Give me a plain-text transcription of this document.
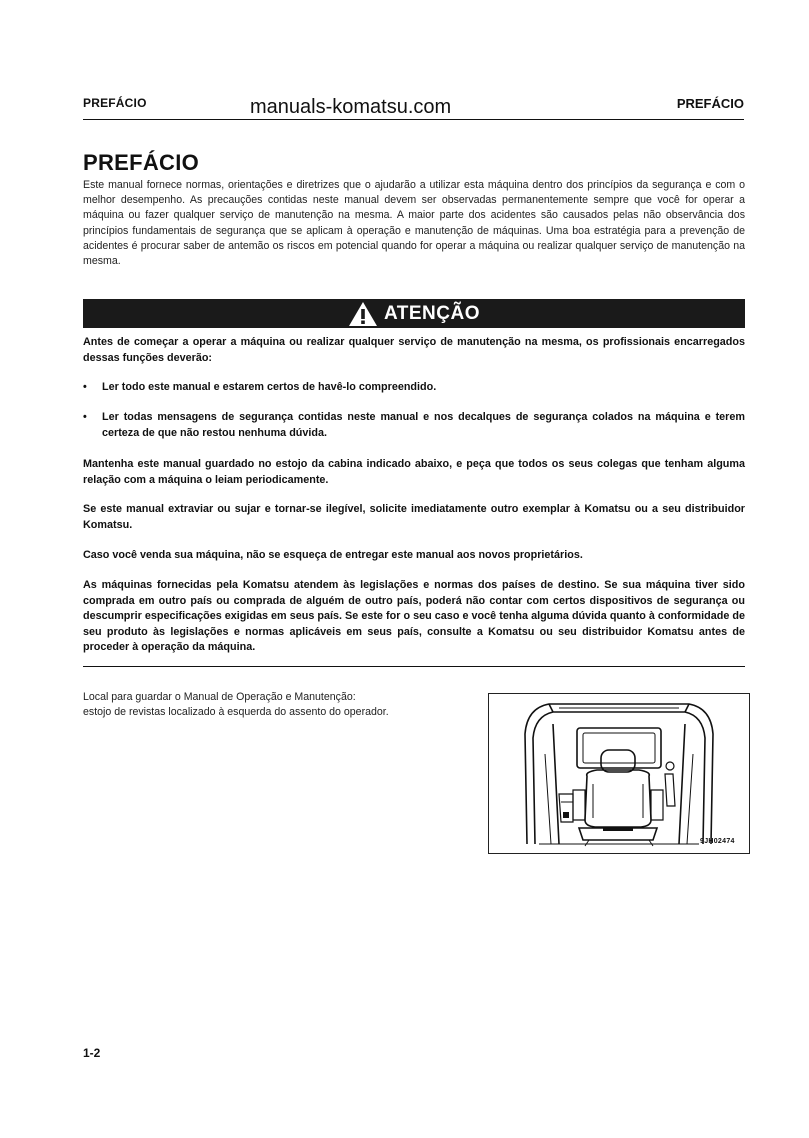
PREFÁCIO	manuals-komatsu.com	PREFÁCIO
PREFÁCIO
Este manual fornece normas, orientações e diretrizes que o ajudarão a utilizar esta máquina dentro dos princípios da segurança e com o melhor desempenho. As precauções contidas neste manual devem ser observadas permanentemente sempre que você for operar a máquina ou fazer qualquer serviço de manutenção na mesma. A maior parte dos acidentes são causados pelas não observância dos princípios fundamentais de segurança que se aplicam à operação e manutenção de máquinas. Uma boa estratégia para a prevenção de acidentes é procurar saber de antemão os riscos em potencial quando for operar a máquina ou realizar qualquer serviço de manutenção na mesma.
ATENÇÃO
Antes de começar a operar a máquina ou realizar qualquer serviço de manutenção na mesma, os profissionais encarregados dessas funções deverão:
•	Ler todo este manual e estarem certos de havê-lo compreendido.
•	Ler todas mensagens de segurança contidas neste manual e nos decalques de segurança colados na máquina e terem certeza de que não restou nenhuma dúvida.
Mantenha este manual guardado no estojo da cabina indicado abaixo, e peça que todos os seus colegas que tenham alguma relação com a máquina o leiam periodicamente.
Se este manual extraviar ou sujar e tornar-se ilegível, solicite imediatamente outro exemplar à Komatsu ou a seu distribuidor Komatsu.
Caso você venda sua máquina, não se esqueça de entregar este manual aos novos proprietários.
As máquinas fornecidas pela Komatsu atendem às legislações e normas dos países de destino. Se sua máquina tiver sido comprada em outro país ou comprada de alguém de outro país, poderá não contar com certos dispositivos de segurança ou descumprir especificações exigidas em seus país. Se este for o seu caso e você tenha alguma dúvida quanto à conformidade de seu produto às legislações e normas aplicáveis em seus país, consulte a Komatsu ou seu distribuidor Komatsu antes de proceder à operação da máquina.
Local para guardar o Manual de Operação e Manutenção:
estojo de revistas localizado à esquerda do assento do operador.
9JH02474
1-2
